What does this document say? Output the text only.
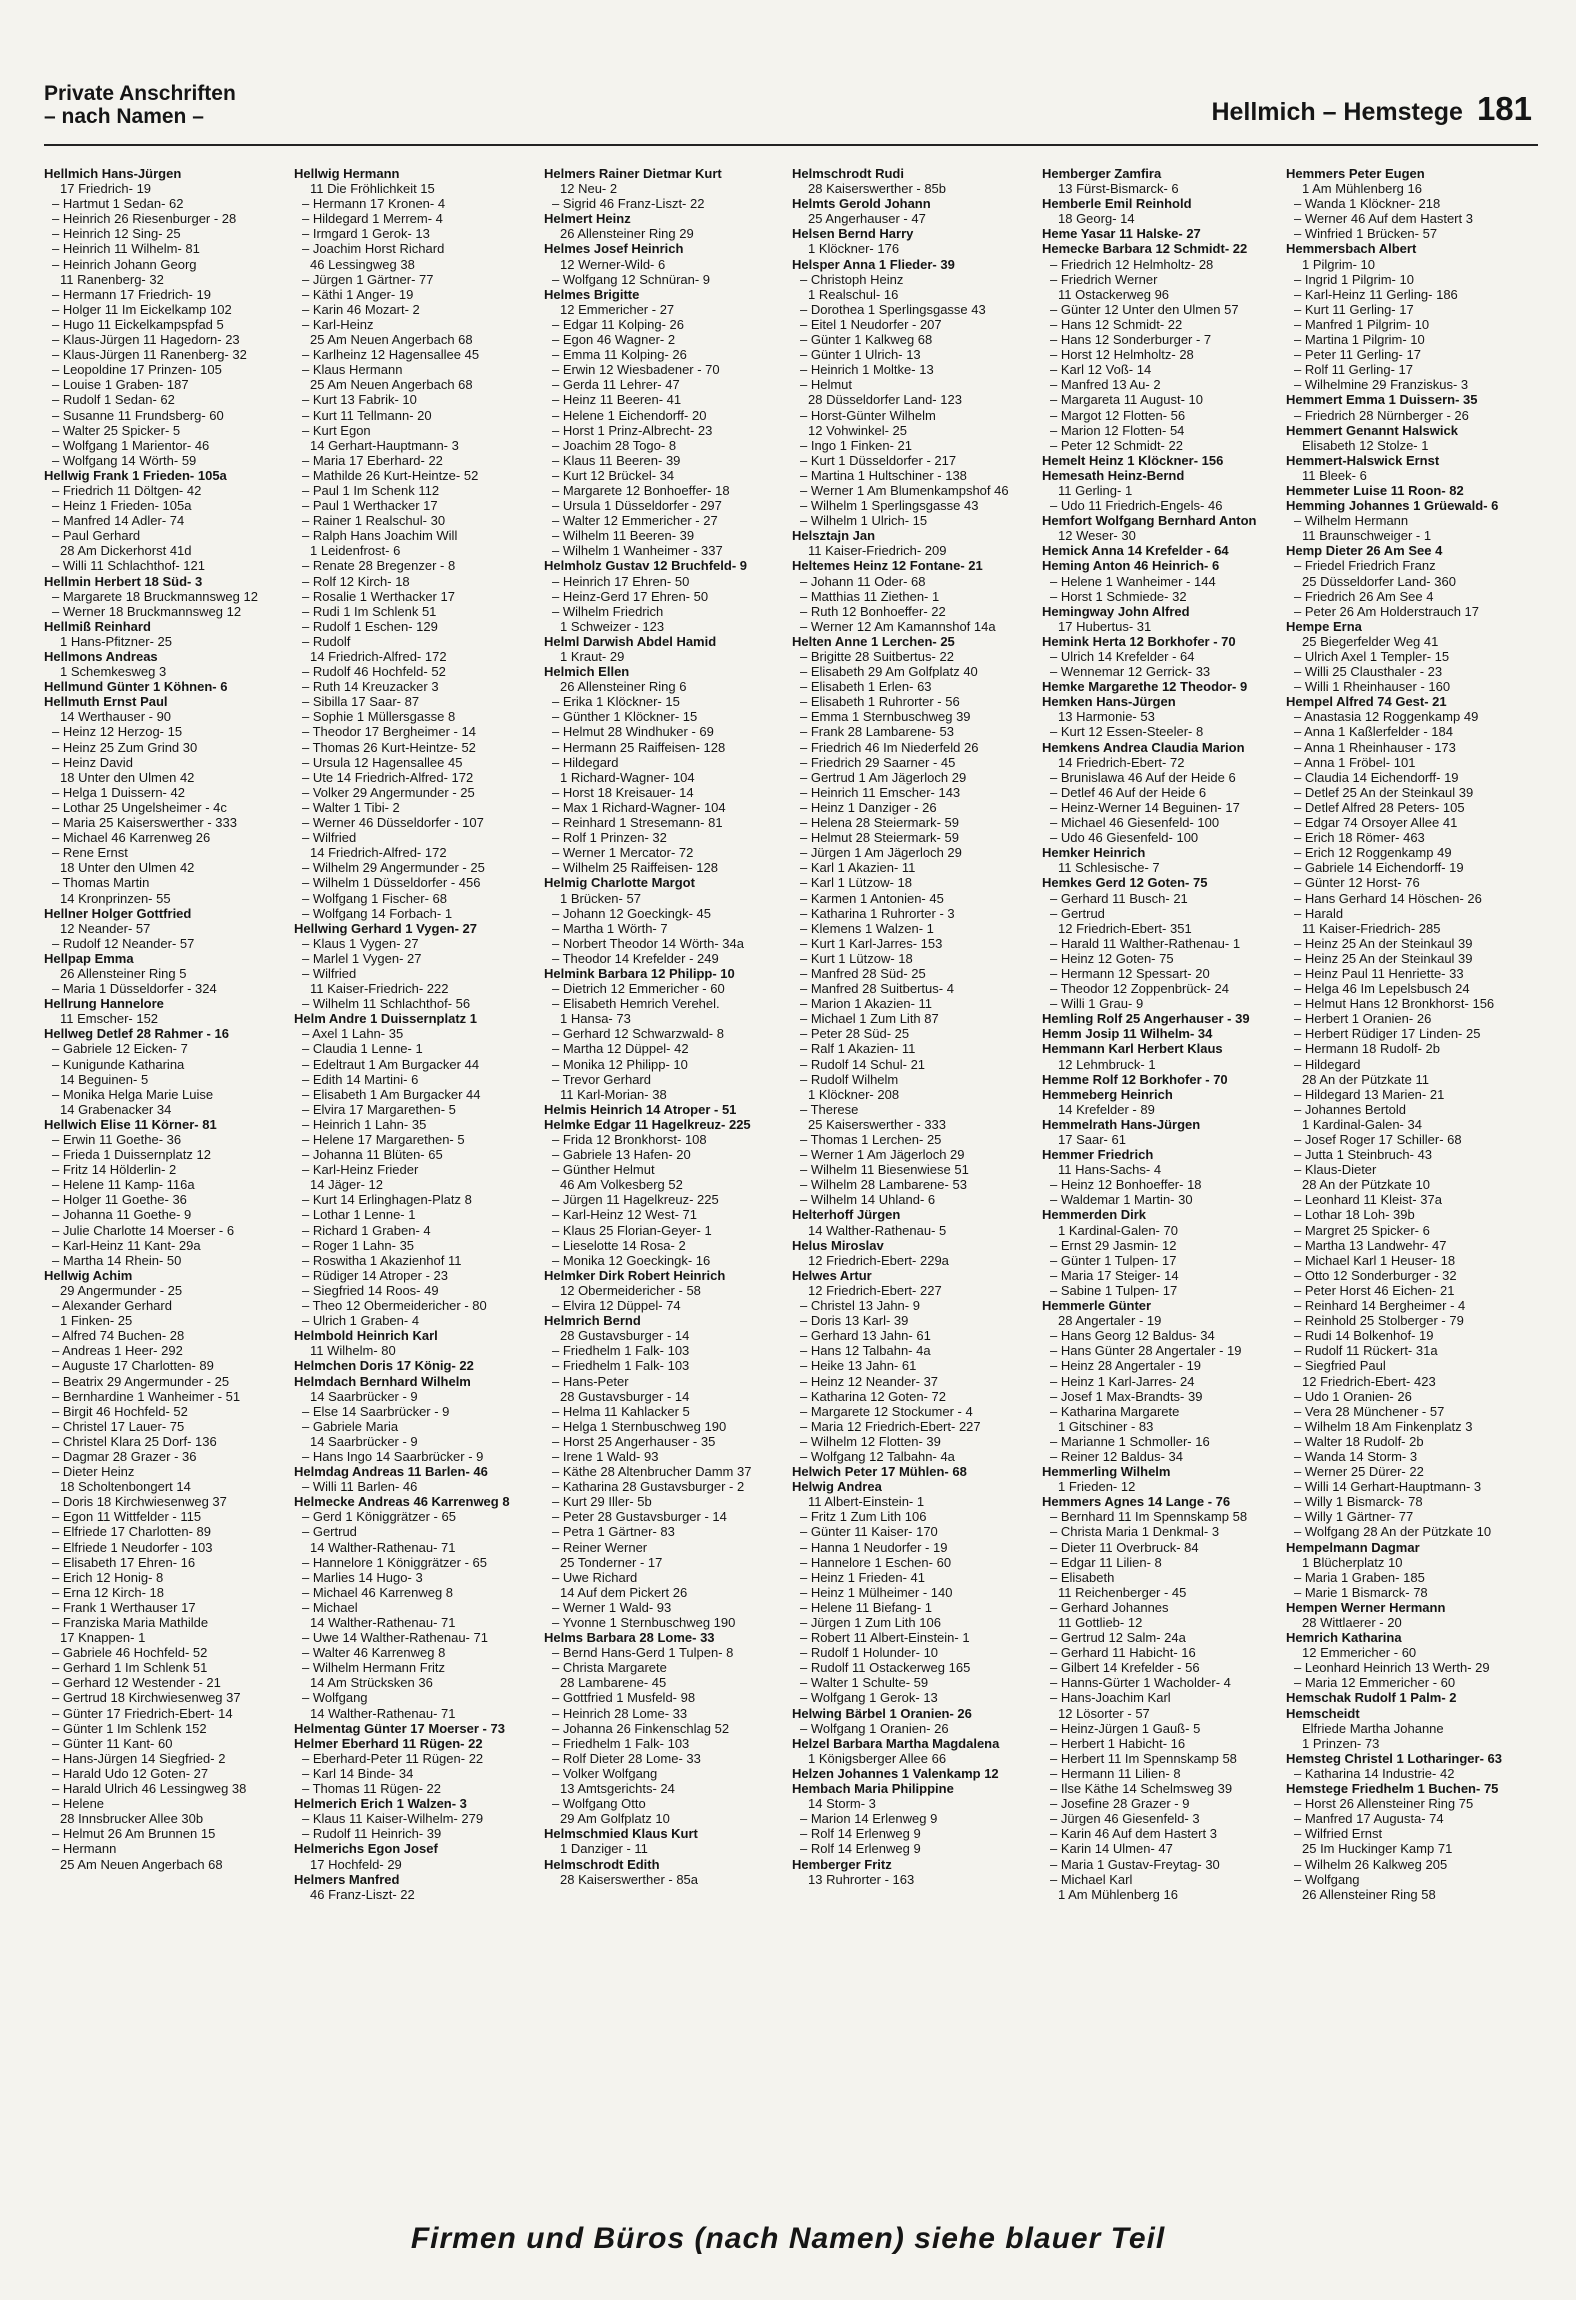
Private Anschriften
– nach Namen –	Hellmich – Hemstege 181
Hellmich Hans-Jürgen
17 Friedrich- 19
– Hartmut 1 Sedan- 62
– Heinrich 26 Riesenburger - 28
– Heinrich 12 Sing- 25
– Heinrich 11 Wilhelm- 81
– Heinrich Johann Georg
11 Ranenberg- 32
– Hermann 17 Friedrich- 19
– Holger 11 Im Eickelkamp 102
– Hugo 11 Eickelkampspfad 5
– Klaus-Jürgen 11 Hagedorn- 23
– Klaus-Jürgen 11 Ranenberg- 32
– Leopoldine 17 Prinzen- 105
– Louise 1 Graben- 187
– Rudolf 1 Sedan- 62
– Susanne 11 Frundsberg- 60
– Walter 25 Spicker- 5
– Wolfgang 1 Marientor- 46
– Wolfgang 14 Wörth- 59
Hellwig Frank 1 Frieden- 105a
– Friedrich 11 Döltgen- 42
– Heinz 1 Frieden- 105a
– Manfred 14 Adler- 74
– Paul Gerhard
28 Am Dickerhorst 41d
– Willi 11 Schlachthof- 121
Hellmin Herbert 18 Süd- 3
– Margarete 18 Bruckmannsweg 12
– Werner 18 Bruckmannsweg 12
Hellmiß Reinhard
1 Hans-Pfitzner- 25
Hellmons Andreas
1 Schemkesweg 3
Hellmund Günter 1 Köhnen- 6
Hellmuth Ernst Paul
14 Werthauser - 90
– Heinz 12 Herzog- 15
– Heinz 25 Zum Grind 30
– Heinz David
18 Unter den Ulmen 42
– Helga 1 Duissern- 42
– Lothar 25 Ungelsheimer - 4c
– Maria 25 Kaiserswerther - 333
– Michael 46 Karrenweg 26
– Rene Ernst
18 Unter den Ulmen 42
– Thomas Martin
14 Kronprinzen- 55
Hellner Holger Gottfried
12 Neander- 57
– Rudolf 12 Neander- 57
Hellpap Emma
26 Allensteiner Ring 5
– Maria 1 Düsseldorfer - 324
Hellrung Hannelore
11 Emscher- 152
Hellweg Detlef 28 Rahmer - 16
– Gabriele 12 Eicken- 7
– Kunigunde Katharina
14 Beguinen- 5
– Monika Helga Marie Luise
14 Grabenacker 34
Hellwich Elise 11 Körner- 81
– Erwin 11 Goethe- 36
– Frieda 1 Duissernplatz 12
– Fritz 14 Hölderlin- 2
– Helene 11 Kamp- 116a
– Holger 11 Goethe- 36
– Johanna 11 Goethe- 9
– Julie Charlotte 14 Moerser - 6
– Karl-Heinz 11 Kant- 29a
– Martha 14 Rhein- 50
Hellwig Achim
29 Angermunder - 25
– Alexander Gerhard
1 Finken- 25
– Alfred 74 Buchen- 28
– Andreas 1 Heer- 292
– Auguste 17 Charlotten- 89
– Beatrix 29 Angermunder - 25
– Bernhardine 1 Wanheimer - 51
– Birgit 46 Hochfeld- 52
– Christel 17 Lauer- 75
– Christel Klara 25 Dorf- 136
– Dagmar 28 Grazer - 36
– Dieter Heinz
18 Scholtenbongert 14
– Doris 18 Kirchwiesenweg 37
– Egon 11 Wittfelder - 115
– Elfriede 17 Charlotten- 89
– Elfriede 1 Neudorfer - 103
– Elisabeth 17 Ehren- 16
– Erich 12 Honig- 8
– Erna 12 Kirch- 18
– Frank 1 Werthauser 17
– Franziska Maria Mathilde
17 Knappen- 1
– Gabriele 46 Hochfeld- 52
– Gerhard 1 Im Schlenk 51
– Gerhard 12 Westender - 21
– Gertrud 18 Kirchwiesenweg 37
– Günter 17 Friedrich-Ebert- 14
– Günter 1 Im Schlenk 152
– Günter 11 Kant- 60
– Hans-Jürgen 14 Siegfried- 2
– Harald Udo 12 Goten- 27
– Harald Ulrich 46 Lessingweg 38
– Helene
28 Innsbrucker Allee 30b
– Helmut 26 Am Brunnen 15
– Hermann
25 Am Neuen Angerbach 68
Hellwig Hermann
11 Die Fröhlichkeit 15
– Hermann 17 Kronen- 4
– Hildegard 1 Merrem- 4
– Irmgard 1 Gerok- 13
– Joachim Horst Richard
46 Lessingweg 38
– Jürgen 1 Gärtner- 77
– Käthi 1 Anger- 19
– Karin 46 Mozart- 2
– Karl-Heinz
25 Am Neuen Angerbach 68
– Karlheinz 12 Hagensallee 45
– Klaus Hermann
25 Am Neuen Angerbach 68
– Kurt 13 Fabrik- 10
– Kurt 11 Tellmann- 20
– Kurt Egon
14 Gerhart-Hauptmann- 3
– Maria 17 Eberhard- 22
– Mathilde 26 Kurt-Heintze- 52
– Paul 1 Im Schenk 112
– Paul 1 Werthacker 17
– Rainer 1 Realschul- 30
– Ralph Hans Joachim Will
1 Leidenfrost- 6
– Renate 28 Bregenzer - 8
– Rolf 12 Kirch- 18
– Rosalie 1 Werthacker 17
– Rudi 1 Im Schlenk 51
– Rudolf 1 Eschen- 129
– Rudolf
14 Friedrich-Alfred- 172
– Rudolf 46 Hochfeld- 52
– Ruth 14 Kreuzacker 3
– Sibilla 17 Saar- 87
– Sophie 1 Müllersgasse 8
– Theodor 17 Bergheimer - 14
– Thomas 26 Kurt-Heintze- 52
– Ursula 12 Hagensallee 45
– Ute 14 Friedrich-Alfred- 172
– Volker 29 Angermunder - 25
– Walter 1 Tibi- 2
– Werner 46 Düsseldorfer - 107
– Wilfried
14 Friedrich-Alfred- 172
– Wilhelm 29 Angermunder - 25
– Wilhelm 1 Düsseldorfer - 456
– Wolfgang 1 Fischer- 68
– Wolfgang 14 Forbach- 1
Hellwing Gerhard 1 Vygen- 27
– Klaus 1 Vygen- 27
– Marlel 1 Vygen- 27
– Wilfried
11 Kaiser-Friedrich- 222
– Wilhelm 11 Schlachthof- 56
Helm Andre 1 Duissernplatz 1
– Axel 1 Lahn- 35
– Claudia 1 Lenne- 1
– Edeltraut 1 Am Burgacker 44
– Edith 14 Martini- 6
– Elisabeth 1 Am Burgacker 44
– Elvira 17 Margarethen- 5
– Heinrich 1 Lahn- 35
– Helene 17 Margarethen- 5
– Johanna 11 Blüten- 65
– Karl-Heinz Frieder
14 Jäger- 12
– Kurt 14 Erlinghagen-Platz 8
– Lothar 1 Lenne- 1
– Richard 1 Graben- 4
– Roger 1 Lahn- 35
– Roswitha 1 Akazienhof 11
– Rüdiger 14 Atroper - 23
– Siegfried 14 Roos- 49
– Theo 12 Obermeidericher - 80
– Ulrich 1 Graben- 4
Helmbold Heinrich Karl
11 Wilhelm- 80
Helmchen Doris 17 König- 22
Helmdach Bernhard Wilhelm
14 Saarbrücker - 9
– Else 14 Saarbrücker - 9
– Gabriele Maria
14 Saarbrücker - 9
– Hans Ingo 14 Saarbrücker - 9
Helmdag Andreas 11 Barlen- 46
– Willi 11 Barlen- 46
Helmecke Andreas 46 Karrenweg 8
– Gerd 1 Königgrätzer - 65
– Gertrud
14 Walther-Rathenau- 71
– Hannelore 1 Königgrätzer - 65
– Marlies 14 Hugo- 3
– Michael 46 Karrenweg 8
– Michael
14 Walther-Rathenau- 71
– Uwe 14 Walther-Rathenau- 71
– Walter 46 Karrenweg 8
– Wilhelm Hermann Fritz
14 Am Strücksken 36
– Wolfgang
14 Walther-Rathenau- 71
Helmentag Günter 17 Moerser - 73
Helmer Eberhard 11 Rügen- 22
– Eberhard-Peter 11 Rügen- 22
– Karl 14 Binde- 34
– Thomas 11 Rügen- 22
Helmerich Erich 1 Walzen- 3
– Klaus 11 Kaiser-Wilhelm- 279
– Rudolf 11 Heinrich- 39
Helmerichs Egon Josef
17 Hochfeld- 29
Helmers Manfred
46 Franz-Liszt- 22
Helmers Rainer Dietmar Kurt
12 Neu- 2
– Sigrid 46 Franz-Liszt- 22
Helmert Heinz
26 Allensteiner Ring 29
Helmes Josef Heinrich
12 Werner-Wild- 6
– Wolfgang 12 Schnüran- 9
Helmes Brigitte
12 Emmericher - 27
– Edgar 11 Kolping- 26
– Egon 46 Wagner- 2
– Emma 11 Kolping- 26
– Erwin 12 Wiesbadener - 70
– Gerda 11 Lehrer- 47
– Heinz 11 Beeren- 41
– Helene 1 Eichendorff- 20
– Horst 1 Prinz-Albrecht- 23
– Joachim 28 Togo- 8
– Klaus 11 Beeren- 39
– Kurt 12 Brückel- 34
– Margarete 12 Bonhoeffer- 18
– Ursula 1 Düsseldorfer - 297
– Walter 12 Emmericher - 27
– Wilhelm 11 Beeren- 39
– Wilhelm 1 Wanheimer - 337
Helmholz Gustav 12 Bruchfeld- 9
– Heinrich 17 Ehren- 50
– Heinz-Gerd 17 Ehren- 50
– Wilhelm Friedrich
1 Schweizer - 123
Helml Darwish Abdel Hamid
1 Kraut- 29
Helmich Ellen
26 Allensteiner Ring 6
– Erika 1 Klöckner- 15
– Günther 1 Klöckner- 15
– Helmut 28 Windhuker - 69
– Hermann 25 Raiffeisen- 128
– Hildegard
1 Richard-Wagner- 104
– Horst 18 Kreisauer- 14
– Max 1 Richard-Wagner- 104
– Reinhard 1 Stresemann- 81
– Rolf 1 Prinzen- 32
– Werner 1 Mercator- 72
– Wilhelm 25 Raiffeisen- 128
Helmig Charlotte Margot
1 Brücken- 57
– Johann 12 Goeckingk- 45
– Martha 1 Wörth- 7
– Norbert Theodor 14 Wörth- 34a
– Theodor 14 Krefelder - 249
Helmink Barbara 12 Philipp- 10
– Dietrich 12 Emmericher - 60
– Elisabeth Hemrich Verehel.
1 Hansa- 73
– Gerhard 12 Schwarzwald- 8
– Martha 12 Düppel- 42
– Monika 12 Philipp- 10
– Trevor Gerhard
11 Karl-Morian- 38
Helmis Heinrich 14 Atroper - 51
Helmke Edgar 11 Hagelkreuz- 225
– Frida 12 Bronkhorst- 108
– Gabriele 13 Hafen- 20
– Günther Helmut
46 Am Volkesberg 52
– Jürgen 11 Hagelkreuz- 225
– Karl-Heinz 12 West- 71
– Klaus 25 Florian-Geyer- 1
– Lieselotte 14 Rosa- 2
– Monika 12 Goeckingk- 16
Helmker Dirk Robert Heinrich
12 Obermeidericher - 58
– Elvira 12 Düppel- 74
Helmrich Bernd
28 Gustavsburger - 14
– Friedhelm 1 Falk- 103
– Friedhelm 1 Falk- 103
– Hans-Peter
28 Gustavsburger - 14
– Helma 11 Kahlacker 5
– Helga 1 Sternbuschweg 190
– Horst 25 Angerhauser - 35
– Irene 1 Wald- 93
– Käthe 28 Altenbrucher Damm 37
– Katharina 28 Gustavsburger - 2
– Kurt 29 Iller- 5b
– Peter 28 Gustavsburger - 14
– Petra 1 Gärtner- 83
– Reiner Werner
25 Tonderner - 17
– Uwe Richard
14 Auf dem Pickert 26
– Werner 1 Wald- 93
– Yvonne 1 Sternbuschweg 190
Helms Barbara 28 Lome- 33
– Bernd Hans-Gerd 1 Tulpen- 8
– Christa Margarete
28 Lambarene- 45
– Gottfried 1 Musfeld- 98
– Heinrich 28 Lome- 33
– Johanna 26 Finkenschlag 52
– Friedhelm 1 Falk- 103
– Rolf Dieter 28 Lome- 33
– Volker Wolfgang
13 Amtsgerichts- 24
– Wolfgang Otto
29 Am Golfplatz 10
Helmschmied Klaus Kurt
1 Danziger - 11
Helmschrodt Edith
28 Kaiserswerther - 85a
Helmschrodt Rudi
28 Kaiserswerther - 85b
Helmts Gerold Johann
25 Angerhauser - 47
Helsen Bernd Harry
1 Klöckner- 176
Helsper Anna 1 Flieder- 39
– Christoph Heinz
1 Realschul- 16
– Dorothea 1 Sperlingsgasse 43
– Eitel 1 Neudorfer - 207
– Günter 1 Kalkweg 68
– Günter 1 Ulrich- 13
– Heinrich 1 Moltke- 13
– Helmut
28 Düsseldorfer Land- 123
– Horst-Günter Wilhelm
12 Vohwinkel- 25
– Ingo 1 Finken- 21
– Kurt 1 Düsseldorfer - 217
– Martina 1 Hultschiner - 138
– Werner 1 Am Blumenkampshof 46
– Wilhelm 1 Sperlingsgasse 43
– Wilhelm 1 Ulrich- 15
Helsztajn Jan
11 Kaiser-Friedrich- 209
Heltemes Heinz 12 Fontane- 21
– Johann 11 Oder- 68
– Matthias 11 Ziethen- 1
– Ruth 12 Bonhoeffer- 22
– Werner 12 Am Kamannshof 14a
Helten Anne 1 Lerchen- 25
– Brigitte 28 Suitbertus- 22
– Elisabeth 29 Am Golfplatz 40
– Elisabeth 1 Erlen- 63
– Elisabeth 1 Ruhrorter - 56
– Emma 1 Sternbuschweg 39
– Frank 28 Lambarene- 53
– Friedrich 46 Im Niederfeld 26
– Friedrich 29 Saarner - 45
– Gertrud 1 Am Jägerloch 29
– Heinrich 11 Emscher- 143
– Heinz 1 Danziger - 26
– Helena 28 Steiermark- 59
– Helmut 28 Steiermark- 59
– Jürgen 1 Am Jägerloch 29
– Karl 1 Akazien- 11
– Karl 1 Lützow- 18
– Karmen 1 Antonien- 45
– Katharina 1 Ruhrorter - 3
– Klemens 1 Walzen- 1
– Kurt 1 Karl-Jarres- 153
– Kurt 1 Lützow- 18
– Manfred 28 Süd- 25
– Manfred 28 Suitbertus- 4
– Marion 1 Akazien- 11
– Michael 1 Zum Lith 87
– Peter 28 Süd- 25
– Ralf 1 Akazien- 11
– Rudolf 14 Schul- 21
– Rudolf Wilhelm
1 Klöckner- 208
– Therese
25 Kaiserswerther - 333
– Thomas 1 Lerchen- 25
– Werner 1 Am Jägerloch 29
– Wilhelm 11 Biesenwiese 51
– Wilhelm 28 Lambarene- 53
– Wilhelm 14 Uhland- 6
Helterhoff Jürgen
14 Walther-Rathenau- 5
Helus Miroslav
12 Friedrich-Ebert- 229a
Helwes Artur
12 Friedrich-Ebert- 227
– Christel 13 Jahn- 9
– Doris 13 Karl- 39
– Gerhard 13 Jahn- 61
– Hans 12 Talbahn- 4a
– Heike 13 Jahn- 61
– Heinz 12 Neander- 37
– Katharina 12 Goten- 72
– Margarete 12 Stockumer - 4
– Maria 12 Friedrich-Ebert- 227
– Wilhelm 12 Flotten- 39
– Wolfgang 12 Talbahn- 4a
Helwich Peter 17 Mühlen- 68
Helwig Andrea
11 Albert-Einstein- 1
– Fritz 1 Zum Lith 106
– Günter 11 Kaiser- 170
– Hanna 1 Neudorfer - 19
– Hannelore 1 Eschen- 60
– Heinz 1 Frieden- 41
– Heinz 1 Mülheimer - 140
– Helene 11 Biefang- 1
– Jürgen 1 Zum Lith 106
– Robert 11 Albert-Einstein- 1
– Rudolf 1 Holunder- 10
– Rudolf 11 Ostackerweg 165
– Walter 1 Schulte- 59
– Wolfgang 1 Gerok- 13
Helwing Bärbel 1 Oranien- 26
– Wolfgang 1 Oranien- 26
Helzel Barbara Martha Magdalena
1 Königsberger Allee 66
Helzen Johannes 1 Valenkamp 12
Hembach Maria Philippine
14 Storm- 3
– Marion 14 Erlenweg 9
– Rolf 14 Erlenweg 9
– Rolf 14 Erlenweg 9
Hemberger Fritz
13 Ruhrorter - 163
Hemberger Zamfira
13 Fürst-Bismarck- 6
Hemberle Emil Reinhold
18 Georg- 14
Heme Yasar 11 Halske- 27
Hemecke Barbara 12 Schmidt- 22
– Friedrich 12 Helmholtz- 28
– Friedrich Werner
11 Ostackerweg 96
– Günter 12 Unter den Ulmen 57
– Hans 12 Schmidt- 22
– Hans 12 Sonderburger - 7
– Horst 12 Helmholtz- 28
– Karl 12 Voß- 14
– Manfred 13 Au- 2
– Margareta 11 August- 10
– Margot 12 Flotten- 56
– Marion 12 Flotten- 54
– Peter 12 Schmidt- 22
Hemelt Heinz 1 Klöckner- 156
Hemesath Heinz-Bernd
11 Gerling- 1
– Udo 11 Friedrich-Engels- 46
Hemfort Wolfgang Bernhard Anton
12 Weser- 30
Hemick Anna 14 Krefelder - 64
Heming Anton 46 Heinrich- 6
– Helene 1 Wanheimer - 144
– Horst 1 Schmiede- 32
Hemingway John Alfred
17 Hubertus- 31
Hemink Herta 12 Borkhofer - 70
– Ulrich 14 Krefelder - 64
– Wennemar 12 Gerrick- 33
Hemke Margarethe 12 Theodor- 9
Hemken Hans-Jürgen
13 Harmonie- 53
– Kurt 12 Essen-Steeler- 8
Hemkens Andrea Claudia Marion
14 Friedrich-Ebert- 72
– Brunislawa 46 Auf der Heide 6
– Detlef 46 Auf der Heide 6
– Heinz-Werner 14 Beguinen- 17
– Michael 46 Giesenfeld- 100
– Udo 46 Giesenfeld- 100
Hemker Heinrich
11 Schlesische- 7
Hemkes Gerd 12 Goten- 75
– Gerhard 11 Busch- 21
– Gertrud
12 Friedrich-Ebert- 351
– Harald 11 Walther-Rathenau- 1
– Heinz 12 Goten- 75
– Hermann 12 Spessart- 20
– Theodor 12 Zoppenbrück- 24
– Willi 1 Grau- 9
Hemling Rolf 25 Angerhauser - 39
Hemm Josip 11 Wilhelm- 34
Hemmann Karl Herbert Klaus
12 Lehmbruck- 1
Hemme Rolf 12 Borkhofer - 70
Hemmeberg Heinrich
14 Krefelder - 89
Hemmelrath Hans-Jürgen
17 Saar- 61
Hemmer Friedrich
11 Hans-Sachs- 4
– Heinz 12 Bonhoeffer- 18
– Waldemar 1 Martin- 30
Hemmerden Dirk
1 Kardinal-Galen- 70
– Ernst 29 Jasmin- 12
– Günter 1 Tulpen- 17
– Maria 17 Steiger- 14
– Sabine 1 Tulpen- 17
Hemmerle Günter
28 Angertaler - 19
– Hans Georg 12 Baldus- 34
– Hans Günter 28 Angertaler - 19
– Heinz 28 Angertaler - 19
– Heinz 1 Karl-Jarres- 24
– Josef 1 Max-Brandts- 39
– Katharina Margarete
1 Gitschiner - 83
– Marianne 1 Schmoller- 16
– Reiner 12 Baldus- 34
Hemmerling Wilhelm
1 Frieden- 12
Hemmers Agnes 14 Lange - 76
– Bernhard 11 Im Spennskamp 58
– Christa Maria 1 Denkmal- 3
– Dieter 11 Overbruck- 84
– Edgar 11 Lilien- 8
– Elisabeth
11 Reichenberger - 45
– Gerhard Johannes
11 Gottlieb- 12
– Gertrud 12 Salm- 24a
– Gerhard 11 Habicht- 16
– Gilbert 14 Krefelder - 56
– Hanns-Gürter 1 Wacholder- 4
– Hans-Joachim Karl
12 Lösorter - 57
– Heinz-Jürgen 1 Gauß- 5
– Herbert 1 Habicht- 16
– Herbert 11 Im Spennskamp 58
– Hermann 11 Lilien- 8
– Ilse Käthe 14 Schelmsweg 39
– Josefine 28 Grazer - 9
– Jürgen 46 Giesenfeld- 3
– Karin 46 Auf dem Hastert 3
– Karin 14 Ulmen- 47
– Maria 1 Gustav-Freytag- 30
– Michael Karl
1 Am Mühlenberg 16
Hemmers Peter Eugen
1 Am Mühlenberg 16
– Wanda 1 Klöckner- 218
– Werner 46 Auf dem Hastert 3
– Winfried 1 Brücken- 57
Hemmersbach Albert
1 Pilgrim- 10
– Ingrid 1 Pilgrim- 10
– Karl-Heinz 11 Gerling- 186
– Kurt 11 Gerling- 17
– Manfred 1 Pilgrim- 10
– Martina 1 Pilgrim- 10
– Peter 11 Gerling- 17
– Rolf 11 Gerling- 17
– Wilhelmine 29 Franziskus- 3
Hemmert Emma 1 Duissern- 35
– Friedrich 28 Nürnberger - 26
Hemmert Genannt Halswick
Elisabeth 12 Stolze- 1
Hemmert-Halswick Ernst
11 Bleek- 6
Hemmeter Luise 11 Roon- 82
Hemming Johannes 1 Grüewald- 6
– Wilhelm Hermann
11 Braunschweiger - 1
Hemp Dieter 26 Am See 4
– Friedel Friedrich Franz
25 Düsseldorfer Land- 360
– Friedrich 26 Am See 4
– Peter 26 Am Holderstrauch 17
Hempe Erna
25 Biegerfelder Weg 41
– Ulrich Axel 1 Templer- 15
– Willi 25 Clausthaler - 23
– Willi 1 Rheinhauser - 160
Hempel Alfred 74 Gest- 21
– Anastasia 12 Roggenkamp 49
– Anna 1 Kaßlerfelder - 184
– Anna 1 Rheinhauser - 173
– Anna 1 Fröbel- 101
– Claudia 14 Eichendorff- 19
– Detlef 25 An der Steinkaul 39
– Detlef Alfred 28 Peters- 105
– Edgar 74 Orsoyer Allee 41
– Erich 18 Römer- 463
– Erich 12 Roggenkamp 49
– Gabriele 14 Eichendorff- 19
– Günter 12 Horst- 76
– Hans Gerhard 14 Höschen- 26
– Harald
11 Kaiser-Friedrich- 285
– Heinz 25 An der Steinkaul 39
– Heinz 25 An der Steinkaul 39
– Heinz Paul 11 Henriette- 33
– Helga 46 Im Lepelsbusch 24
– Helmut Hans 12 Bronkhorst- 156
– Herbert 1 Oranien- 26
– Herbert Rüdiger 17 Linden- 25
– Hermann 18 Rudolf- 2b
– Hildegard
28 An der Pützkate 11
– Hildegard 13 Marien- 21
– Johannes Bertold
1 Kardinal-Galen- 34
– Josef Roger 17 Schiller- 68
– Jutta 1 Steinbruch- 43
– Klaus-Dieter
28 An der Pützkate 10
– Leonhard 11 Kleist- 37a
– Lothar 18 Loh- 39b
– Margret 25 Spicker- 6
– Martha 13 Landwehr- 47
– Michael Karl 1 Heuser- 18
– Otto 12 Sonderburger - 32
– Peter Horst 46 Eichen- 21
– Reinhard 14 Bergheimer - 4
– Reinhold 25 Stolberger - 79
– Rudi 14 Bolkenhof- 19
– Rudolf 11 Rückert- 31a
– Siegfried Paul
12 Friedrich-Ebert- 423
– Udo 1 Oranien- 26
– Vera 28 Münchener - 57
– Wilhelm 18 Am Finkenplatz 3
– Walter 18 Rudolf- 2b
– Wanda 14 Storm- 3
– Werner 25 Dürer- 22
– Willi 14 Gerhart-Hauptmann- 3
– Willy 1 Bismarck- 78
– Willy 1 Gärtner- 77
– Wolfgang 28 An der Pützkate 10
Hempelmann Dagmar
1 Blücherplatz 10
– Maria 1 Graben- 185
– Marie 1 Bismarck- 78
Hempen Werner Hermann
28 Wittlaerer - 20
Hemrich Katharina
12 Emmericher - 60
– Leonhard Heinrich 13 Werth- 29
– Maria 12 Emmericher - 60
Hemschak Rudolf 1 Palm- 2
Hemscheidt
Elfriede Martha Johanne
1 Prinzen- 73
Hemsteg Christel 1 Lotharinger- 63
– Katharina 14 Industrie- 42
Hemstege Friedhelm 1 Buchen- 75
– Horst 26 Allensteiner Ring 75
– Manfred 17 Augusta- 74
– Wilfried Ernst
25 Im Huckinger Kamp 71
– Wilhelm 26 Kalkweg 205
– Wolfgang
26 Allensteiner Ring 58
Firmen und Büros (nach Namen) siehe blauer Teil
